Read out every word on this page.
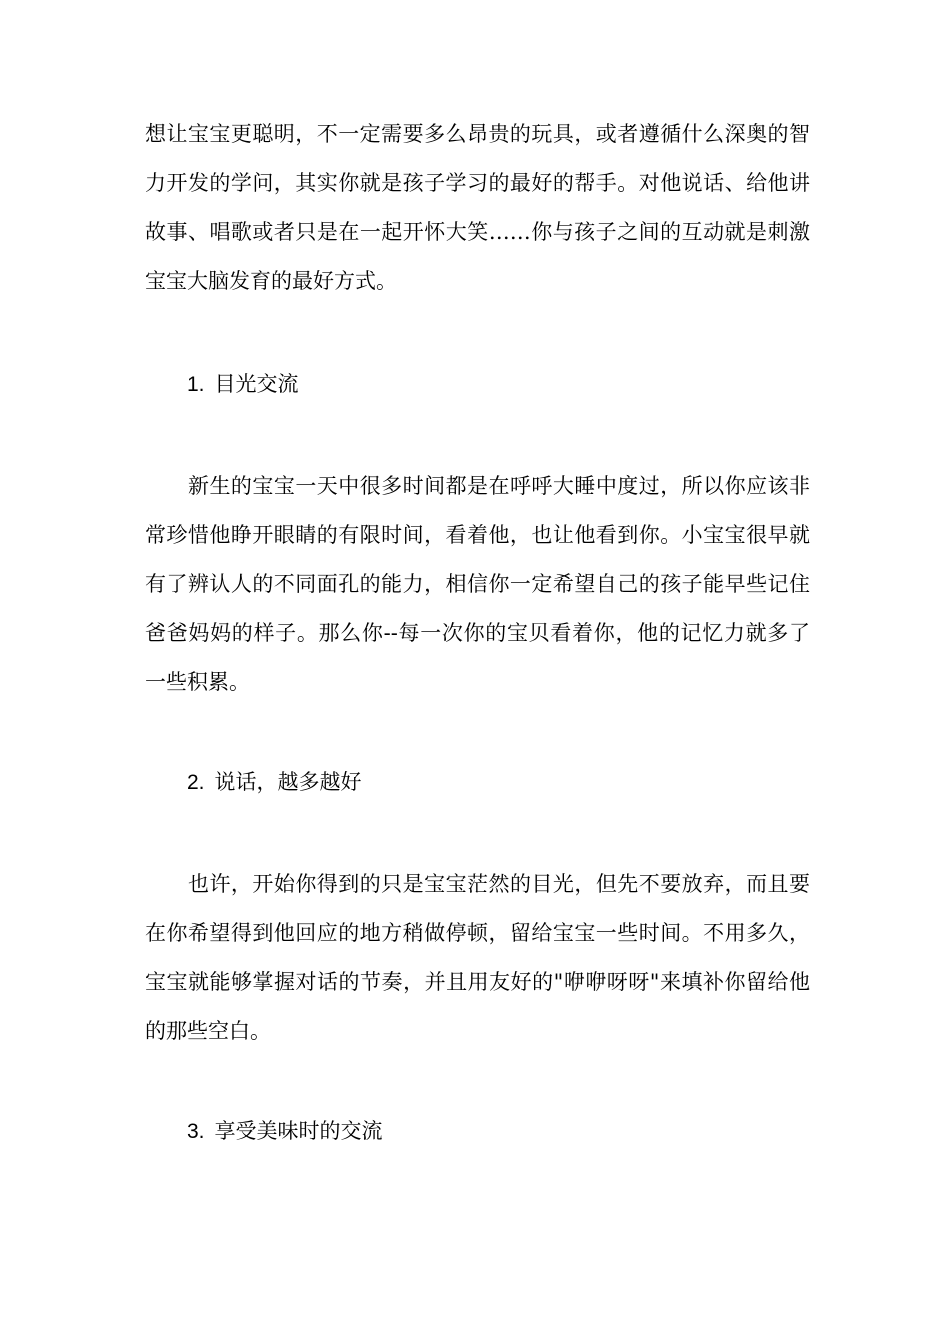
想让宝宝更聪明，不一定需要多么昂贵的玩具，或者遵循什么深奥的智力开发的学问，其实你就是孩子学习的最好的帮手。对他说话、给他讲故事、唱歌或者只是在一起开怀大笑……你与孩子之间的互动就是刺激宝宝大脑发育的最好方式。

1. 目光交流

新生的宝宝一天中很多时间都是在呼呼大睡中度过，所以你应该非常珍惜他睁开眼睛的有限时间，看着他，也让他看到你。小宝宝很早就有了辨认人的不同面孔的能力，相信你一定希望自己的孩子能早些记住爸爸妈妈的样子。那么你--每一次你的宝贝看着你，他的记忆力就多了一些积累。

2. 说话，越多越好

也许，开始你得到的只是宝宝茫然的目光，但先不要放弃，而且要在你希望得到他回应的地方稍做停顿，留给宝宝一些时间。不用多久，宝宝就能够掌握对话的节奏，并且用友好的"咿咿呀呀"来填补你留给他的那些空白。

3. 享受美味时的交流
